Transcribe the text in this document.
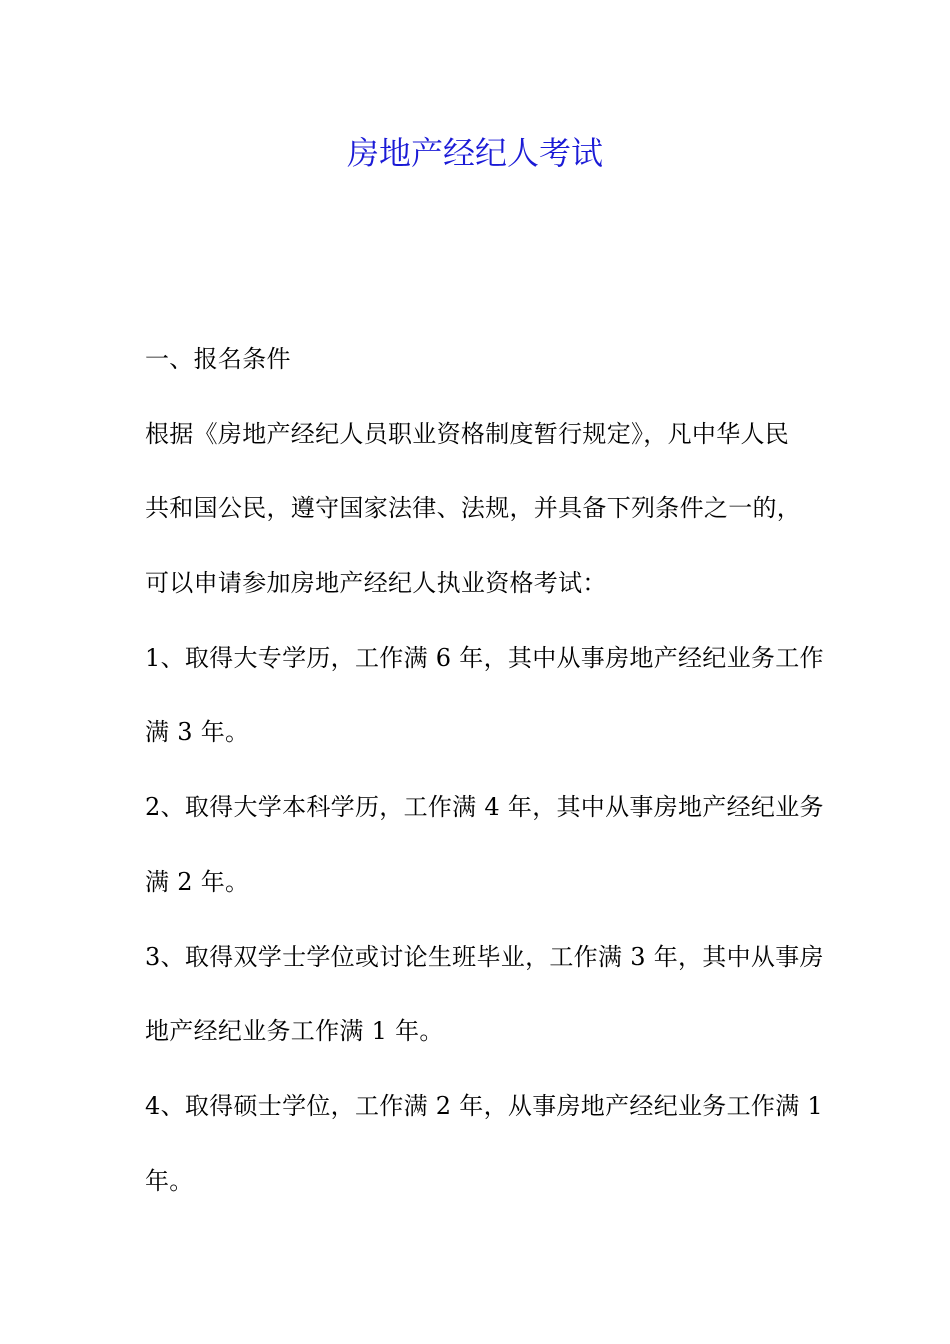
房地产经纪人考试
一、报名条件
根据《房地产经纪人员职业资格制度暂行规定》，凡中华人民
共和国公民，遵守国家法律、法规，并具备下列条件之一的，
可以申请参加房地产经纪人执业资格考试：
1、取得大专学历，工作满 6 年，其中从事房地产经纪业务工作
满 3 年。
2、取得大学本科学历，工作满 4 年，其中从事房地产经纪业务
满 2 年。
3、取得双学士学位或讨论生班毕业，工作满 3 年，其中从事房
地产经纪业务工作满 1 年。
4、取得硕士学位，工作满 2 年，从事房地产经纪业务工作满 1
年。
